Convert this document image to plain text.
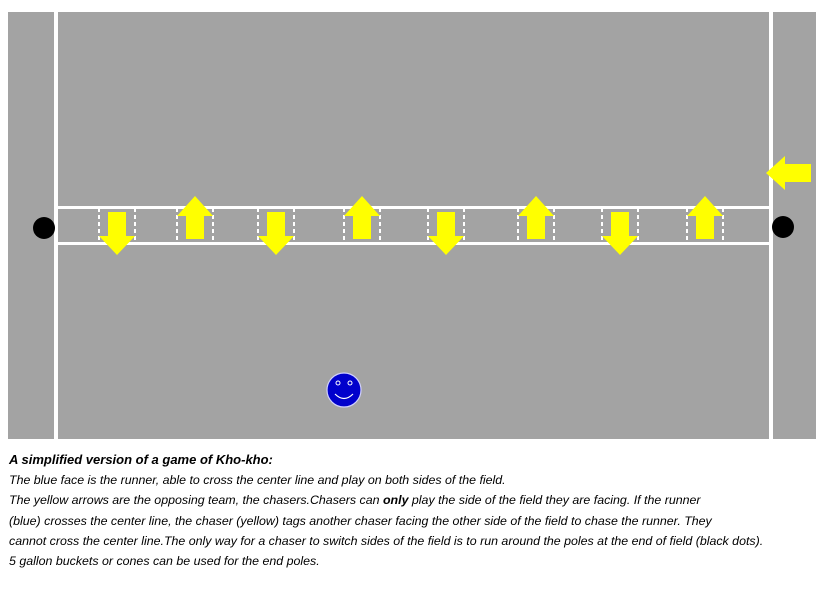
A simplified version of a game of Kho-kho:

The blue face is the runner, able to cross the center line and play on both sides of the field.

The yellow arrows are the opposing team, the chasers.Chasers can only play the side of the field they are facing. If the runner

(blue) crosses the center line, the chaser (yellow) tags another chaser facing the other side of the field to chase the runner. They

cannot cross the center line.The only way for a chaser to switch sides of the field is to run around the poles at the end of field (black dots).

5 gallon buckets or cones can be used for the end poles.
